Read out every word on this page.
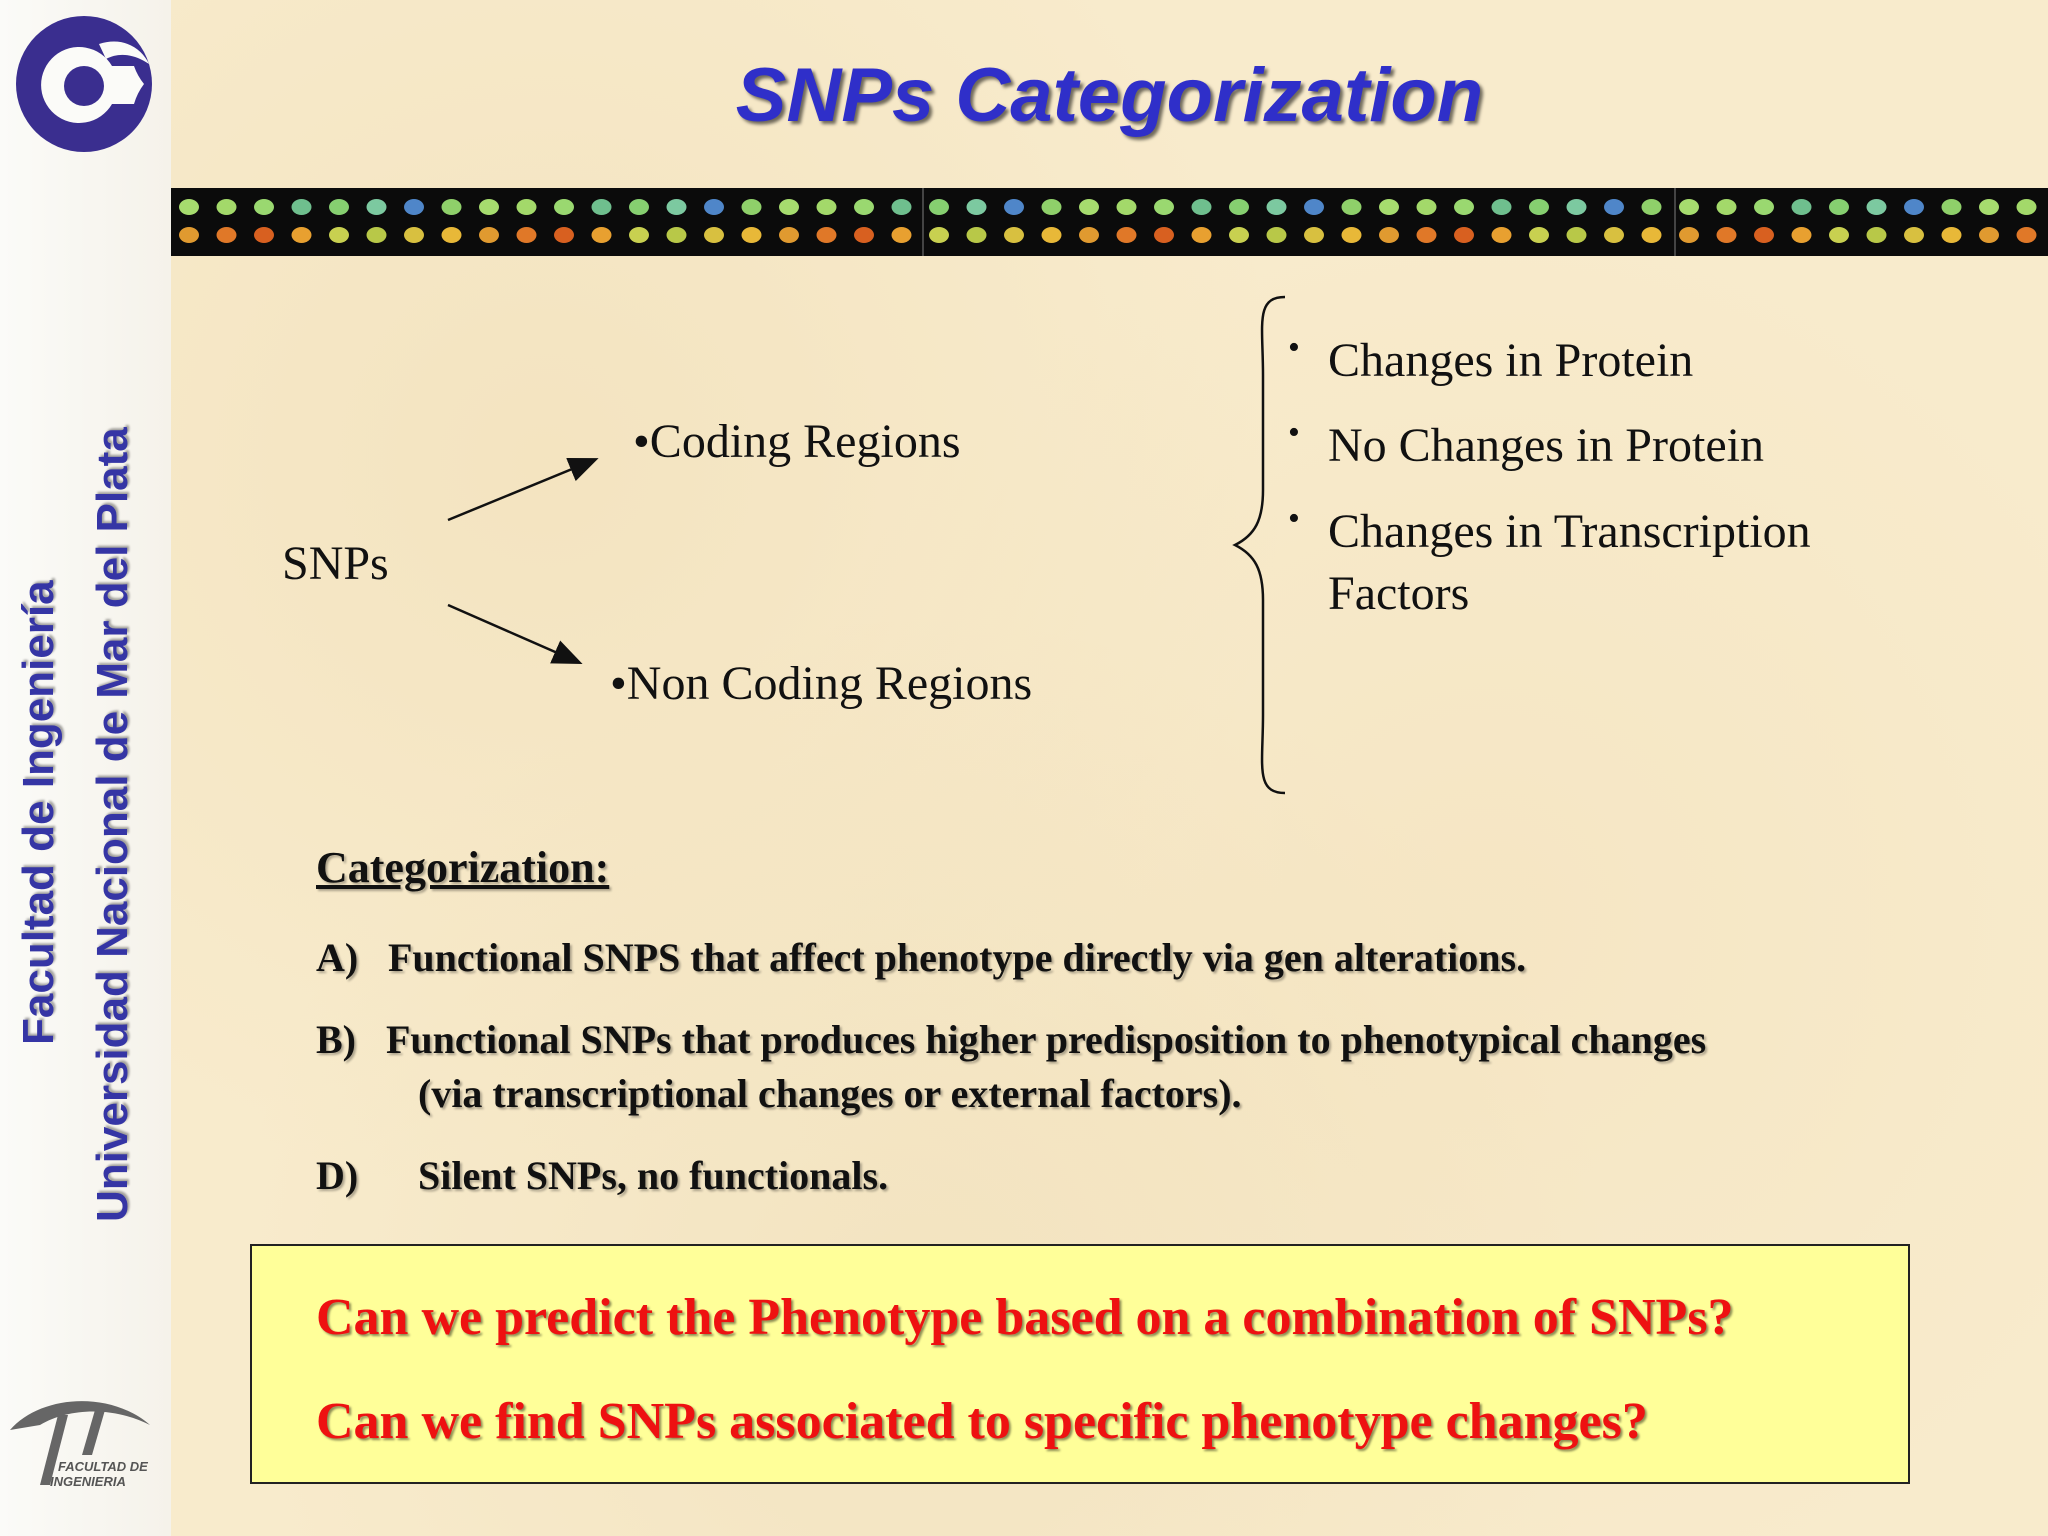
Facultad de Ingeniería Universidad Nacional de Mar del Plata
FACULTAD DE
INGENIERIA
SNPs Categorization
SNPs
•Coding Regions
•Non Coding Regions
• Changes in Protein
• No Changes in Protein
• Changes in Transcription
Factors
Categorization:
A) Functional SNPS that affect phenotype directly via gen alterations.
B) Functional SNPs that produces higher predisposition to phenotypical changes
(via transcriptional changes or external factors).
D) Silent SNPs, no functionals.
Can we predict the Phenotype based on a combination of SNPs?
Can we find SNPs associated to specific phenotype changes?
